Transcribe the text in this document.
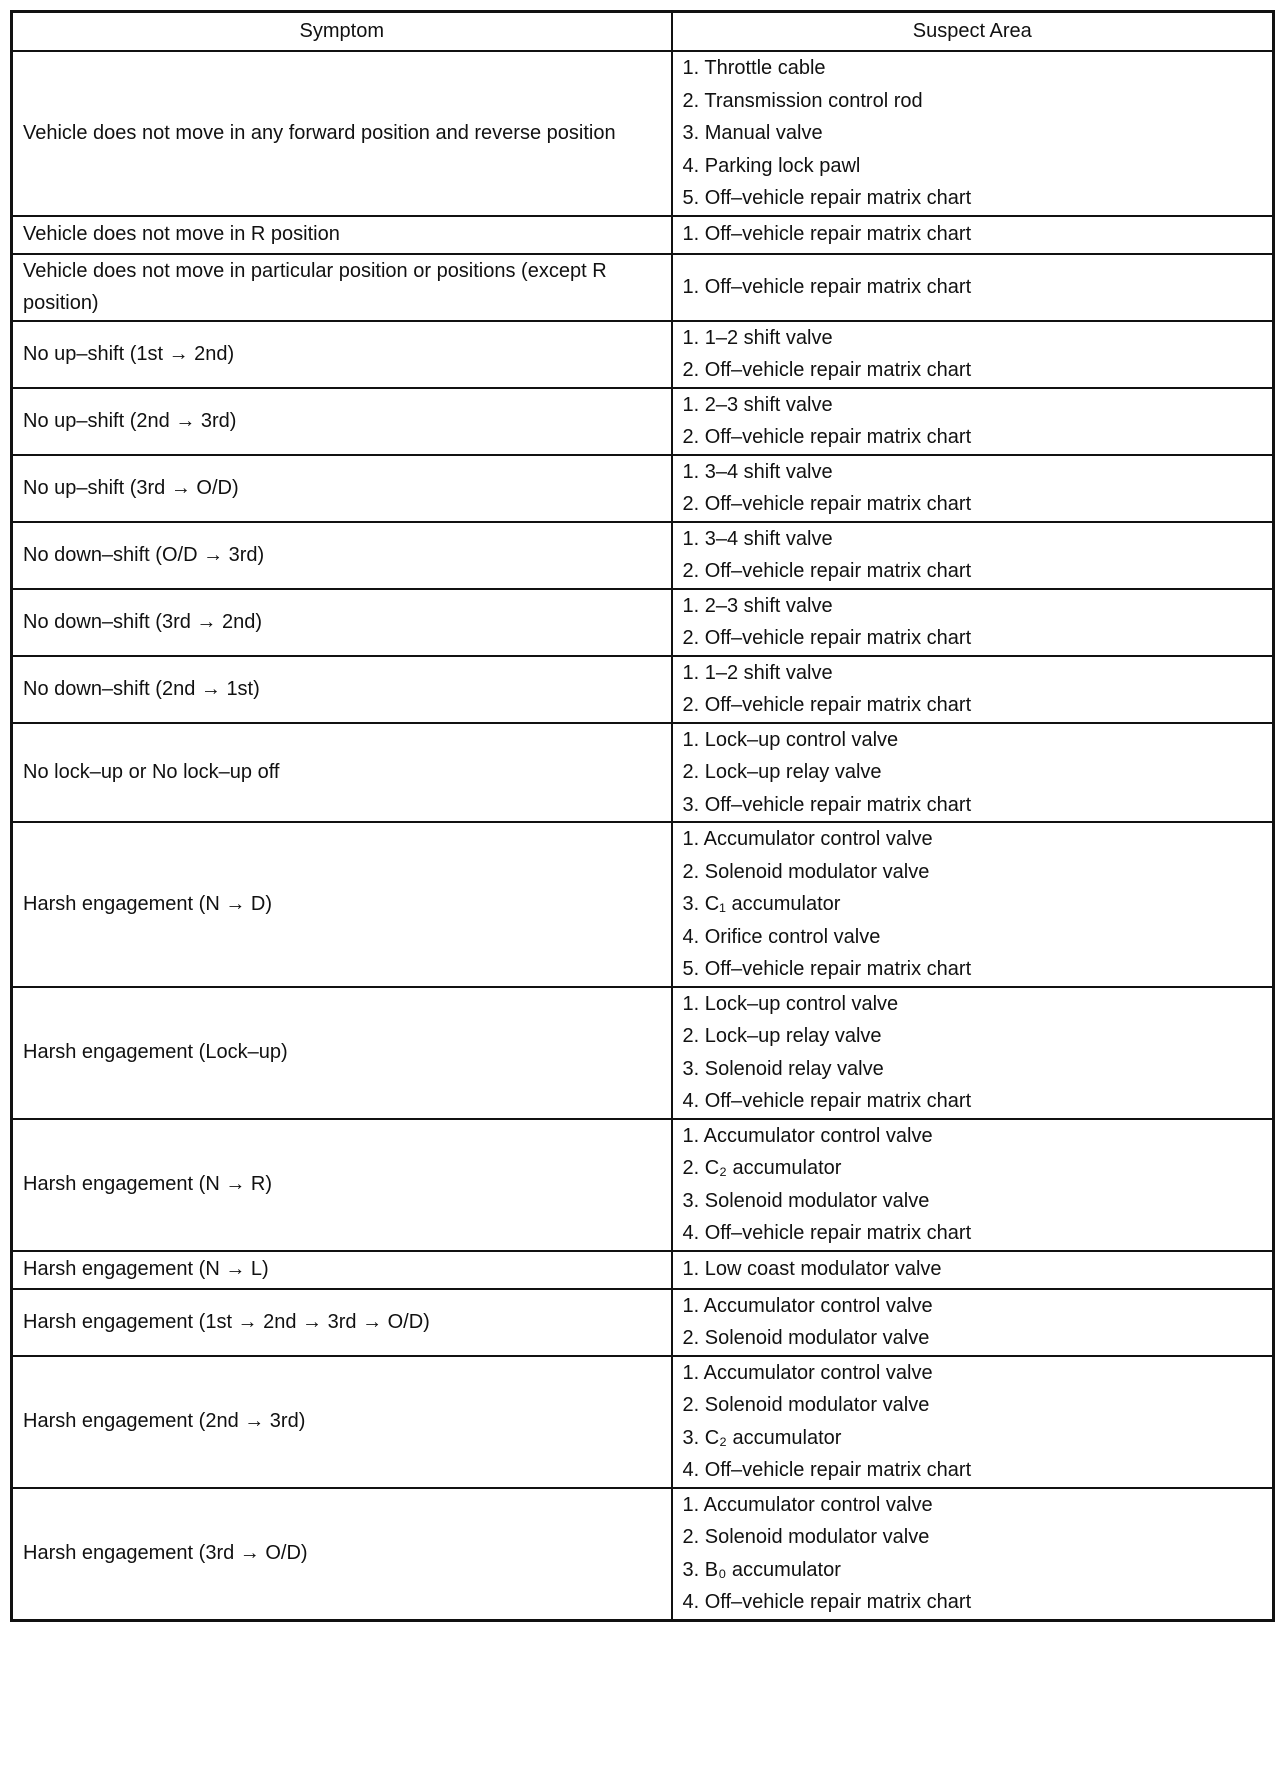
Symptom	Suspect Area
Vehicle does not move in any forward position and reverse position	1. Throttle cable
2. Transmission control rod
3. Manual valve
4. Parking lock pawl
5. Off–vehicle repair matrix chart

Vehicle does not move in R position	1. Off–vehicle repair matrix chart

Vehicle does not move in particular position or positions (except R position)	1. Off–vehicle repair matrix chart

No up–shift (1st → 2nd)	1. 1–2 shift valve
2. Off–vehicle repair matrix chart

No up–shift (2nd → 3rd)	1. 2–3 shift valve
2. Off–vehicle repair matrix chart

No up–shift (3rd → O/D)	1. 3–4 shift valve
2. Off–vehicle repair matrix chart

No down–shift (O/D → 3rd)	1. 3–4 shift valve
2. Off–vehicle repair matrix chart

No down–shift (3rd → 2nd)	1. 2–3 shift valve
2. Off–vehicle repair matrix chart

No down–shift (2nd → 1st)	1. 1–2 shift valve
2. Off–vehicle repair matrix chart

No lock–up or No lock–up off	1. Lock–up control valve
2. Lock–up relay valve
3. Off–vehicle repair matrix chart

Harsh engagement (N → D)	1. Accumulator control valve
2. Solenoid modulator valve
3. C₁ accumulator
4. Orifice control valve
5. Off–vehicle repair matrix chart

Harsh engagement (Lock–up)	1. Lock–up control valve
2. Lock–up relay valve
3. Solenoid relay valve
4. Off–vehicle repair matrix chart

Harsh engagement (N → R)	1. Accumulator control valve
2. C₂ accumulator
3. Solenoid modulator valve
4. Off–vehicle repair matrix chart

Harsh engagement (N → L)	1. Low coast modulator valve

Harsh engagement (1st → 2nd → 3rd → O/D)	1. Accumulator control valve
2. Solenoid modulator valve

Harsh engagement (2nd → 3rd)	1. Accumulator control valve
2. Solenoid modulator valve
3. C₂ accumulator
4. Off–vehicle repair matrix chart

Harsh engagement (3rd → O/D)	1. Accumulator control valve
2. Solenoid modulator valve
3. B₀ accumulator
4. Off–vehicle repair matrix chart
